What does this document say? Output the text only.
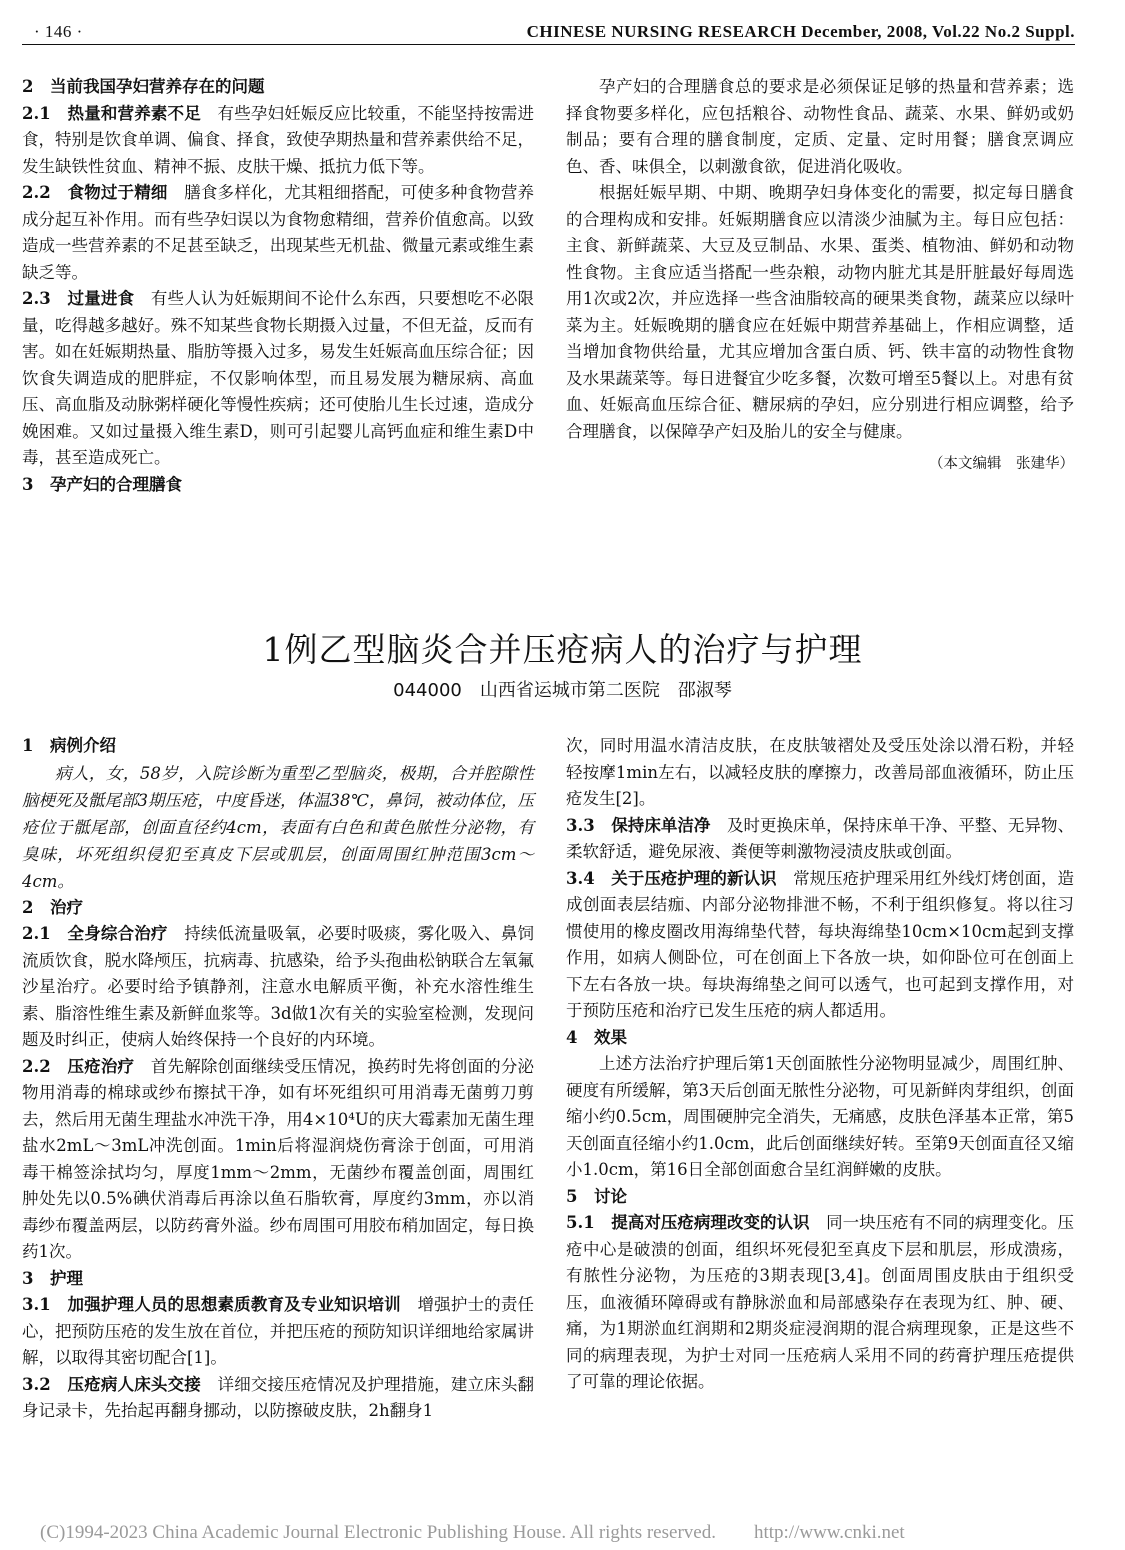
· 146 ·	CHINESE NURSING RESEARCH December, 2008, Vol.22 No.2 Suppl.

2　当前我国孕妇营养存在的问题

2.1　热量和营养素不足　有些孕妇妊娠反应比较重，不能坚持按需进食，特别是饮食单调、偏食、择食，致使孕期热量和营养素供给不足，发生缺铁性贫血、精神不振、皮肤干燥、抵抗力低下等。

2.2　食物过于精细　膳食多样化，尤其粗细搭配，可使多种食物营养成分起互补作用。而有些孕妇误以为食物愈精细，营养价值愈高。以致造成一些营养素的不足甚至缺乏，出现某些无机盐、微量元素或维生素缺乏等。

2.3　过量进食　有些人认为妊娠期间不论什么东西，只要想吃不必限量，吃得越多越好。殊不知某些食物长期摄入过量，不但无益，反而有害。如在妊娠期热量、脂肪等摄入过多，易发生妊娠高血压综合征；因饮食失调造成的肥胖症，不仅影响体型，而且易发展为糖尿病、高血压、高血脂及动脉粥样硬化等慢性疾病；还可使胎儿生长过速，造成分娩困难。又如过量摄入维生素D，则可引起婴儿高钙血症和维生素D中毒，甚至造成死亡。

3　孕产妇的合理膳食

孕产妇的合理膳食总的要求是必须保证足够的热量和营养素；选择食物要多样化，应包括粮谷、动物性食品、蔬菜、水果、鲜奶或奶制品；要有合理的膳食制度，定质、定量、定时用餐；膳食烹调应色、香、味俱全，以刺激食欲，促进消化吸收。

根据妊娠早期、中期、晚期孕妇身体变化的需要，拟定每日膳食的合理构成和安排。妊娠期膳食应以清淡少油腻为主。每日应包括：主食、新鲜蔬菜、大豆及豆制品、水果、蛋类、植物油、鲜奶和动物性食物。主食应适当搭配一些杂粮，动物内脏尤其是肝脏最好每周选用1次或2次，并应选择一些含油脂较高的硬果类食物，蔬菜应以绿叶菜为主。妊娠晚期的膳食应在妊娠中期营养基础上，作相应调整，适当增加食物供给量，尤其应增加含蛋白质、钙、铁丰富的动物性食物及水果蔬菜等。每日进餐宜少吃多餐，次数可增至5餐以上。对患有贫血、妊娠高血压综合征、糖尿病的孕妇，应分别进行相应调整，给予合理膳食，以保障孕产妇及胎儿的安全与健康。

（本文编辑　张建华）

1例乙型脑炎合并压疮病人的治疗与护理
044000　山西省运城市第二医院　邵淑琴

1　病例介绍

病人，女，58岁，入院诊断为重型乙型脑炎，极期，合并腔隙性脑梗死及骶尾部3期压疮，中度昏迷，体温38℃，鼻饲，被动体位，压疮位于骶尾部，创面直径约4cm，表面有白色和黄色脓性分泌物，有臭味，坏死组织侵犯至真皮下层或肌层，创面周围红肿范围3cm～4cm。

2　治疗

2.1　全身综合治疗　持续低流量吸氧，必要时吸痰，雾化吸入、鼻饲流质饮食，脱水降颅压，抗病毒、抗感染，给予头孢曲松钠联合左氧氟沙星治疗。必要时给予镇静剂，注意水电解质平衡，补充水溶性维生素、脂溶性维生素及新鲜血浆等。3d做1次有关的实验室检测，发现问题及时纠正，使病人始终保持一个良好的内环境。

2.2　压疮治疗　首先解除创面继续受压情况，换药时先将创面的分泌物用消毒的棉球或纱布擦拭干净，如有坏死组织可用消毒无菌剪刀剪去，然后用无菌生理盐水冲洗干净，用4×10⁴U的庆大霉素加无菌生理盐水2mL～3mL冲洗创面。1min后将湿润烧伤膏涂于创面，可用消毒干棉签涂拭均匀，厚度1mm～2mm，无菌纱布覆盖创面，周围红肿处先以0.5%碘伏消毒后再涂以鱼石脂软膏，厚度约3mm，亦以消毒纱布覆盖两层，以防药膏外溢。纱布周围可用胶布稍加固定，每日换药1次。

3　护理

3.1　加强护理人员的思想素质教育及专业知识培训　增强护士的责任心，把预防压疮的发生放在首位，并把压疮的预防知识详细地给家属讲解，以取得其密切配合[1]。

3.2　压疮病人床头交接　详细交接压疮情况及护理措施，建立床头翻身记录卡，先抬起再翻身挪动，以防擦破皮肤，2h翻身1

次，同时用温水清洁皮肤，在皮肤皱褶处及受压处涂以滑石粉，并轻轻按摩1min左右，以减轻皮肤的摩擦力，改善局部血液循环，防止压疮发生[2]。

3.3　保持床单洁净　及时更换床单，保持床单干净、平整、无异物、柔软舒适，避免尿液、粪便等刺激物浸渍皮肤或创面。

3.4　关于压疮护理的新认识　常规压疮护理采用红外线灯烤创面，造成创面表层结痂、内部分泌物排泄不畅，不利于组织修复。将以往习惯使用的橡皮圈改用海绵垫代替，每块海绵垫10cm×10cm起到支撑作用，如病人侧卧位，可在创面上下各放一块，如仰卧位可在创面上下左右各放一块。每块海绵垫之间可以透气，也可起到支撑作用，对于预防压疮和治疗已发生压疮的病人都适用。

4　效果

上述方法治疗护理后第1天创面脓性分泌物明显减少，周围红肿、硬度有所缓解，第3天后创面无脓性分泌物，可见新鲜肉芽组织，创面缩小约0.5cm，周围硬肿完全消失，无痛感，皮肤色泽基本正常，第5天创面直径缩小约1.0cm，此后创面继续好转。至第9天创面直径又缩小1.0cm，第16日全部创面愈合呈红润鲜嫩的皮肤。

5　讨论

5.1　提高对压疮病理改变的认识　同一块压疮有不同的病理变化。压疮中心是破溃的创面，组织坏死侵犯至真皮下层和肌层，形成溃疡，有脓性分泌物，为压疮的3期表现[3,4]。创面周围皮肤由于组织受压，血液循环障碍或有静脉淤血和局部感染存在表现为红、肿、硬、痛，为1期淤血红润期和2期炎症浸润期的混合病理现象，正是这些不同的病理表现，为护士对同一压疮病人采用不同的药膏护理压疮提供了可靠的理论依据。

(C)1994-2023 China Academic Journal Electronic Publishing House. All rights reserved.　　http://www.cnki.net
